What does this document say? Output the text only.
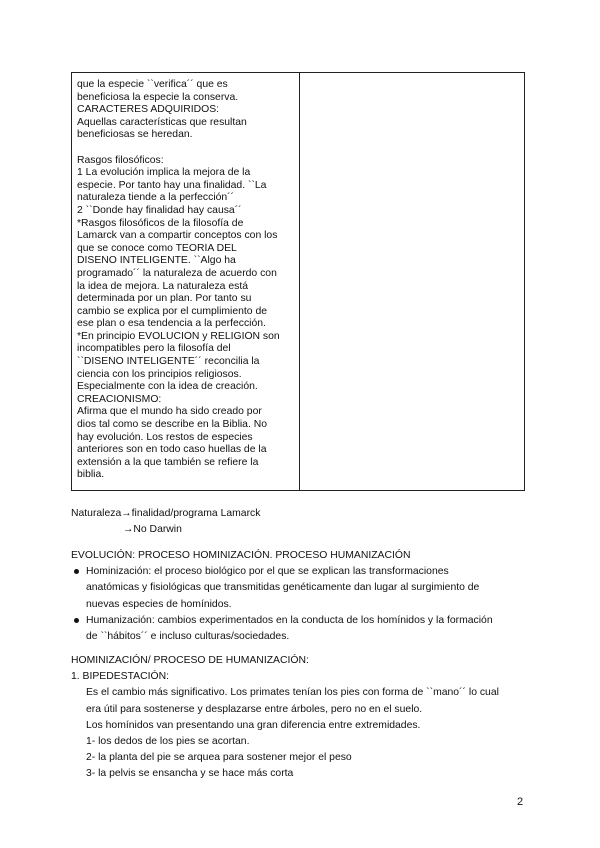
que la especie ``verifica´´ que es
beneficiosa la especie la conserva.
CARACTERES ADQUIRIDOS:
Aquellas características que resultan
beneficiosas se heredan.
Rasgos filosóficos:
1 La evolución implica la mejora de la
especie. Por tanto hay una finalidad. ``La
naturaleza tiende a la perfección´´
2 ``Donde hay finalidad hay causa´´
*Rasgos filosóficos de la filosofía de
Lamarck van a compartir conceptos con los
que se conoce como TEORÍA DEL
DISEÑO INTELIGENTE. ``Algo ha
programado´´ la naturaleza de acuerdo con
la idea de mejora. La naturaleza está
determinada por un plan. Por tanto su
cambio se explica por el cumplimiento de
ese plan o esa tendencia a la perfección.
*En principio EVOLUCIÓN y RELIGIÓN son
incompatibles pero la filosofía del
``DISEÑO INTELIGENTE´´ reconcilia la
ciencia con los principios religiosos.
Especialmente con la idea de creación.
CREACIONISMO:
Afirma que el mundo ha sido creado por
dios tal como se describe en la Biblia. No
hay evolución. Los restos de especies
anteriores son en todo caso huellas de la
extensión a la que también se refiere la
biblia.
Naturaleza→finalidad/programa Lamarck
→No Darwin
EVOLUCIÓN: PROCESO HOMINIZACIÓN. PROCESO HUMANIZACIÓN
Hominización: el proceso biológico por el que se explican las transformaciones
anatómicas y fisiológicas que transmitidas genéticamente dan lugar al surgimiento de
nuevas especies de homínidos.
Humanización: cambios experimentados en la conducta de los homínidos y la formación
de ``hábitos´´ e incluso culturas/sociedades.
HOMINIZACIÓN/ PROCESO DE HUMANIZACIÓN:
1. BIPEDESTACIÓN:
Es el cambio más significativo. Los primates tenían los pies con forma de ``mano´´ lo cual
era útil para sostenerse y desplazarse entre árboles, pero no en el suelo.
Los homínidos van presentando una gran diferencia entre extremidades.
1- los dedos de los pies se acortan.
2- la planta del pie se arquea para sostener mejor el peso
3- la pelvis se ensancha y se hace más corta
2
